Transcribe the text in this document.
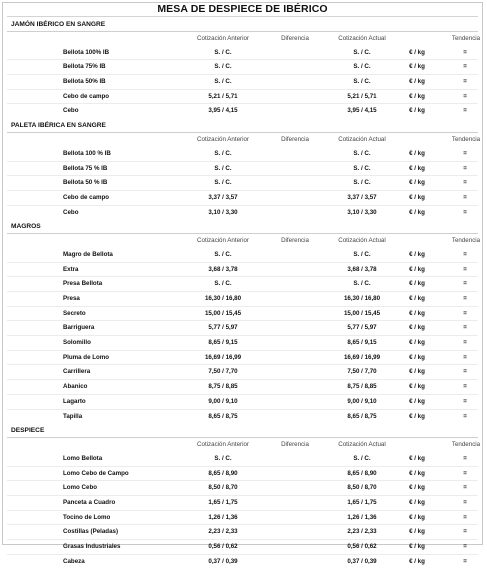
MESA DE DESPIECE DE IBÉRICO
JAMÓN IBÉRICO EN SANGRE
Cotización Anterior	Diferencia	Cotización Actual	Tendencia
Bellota 100% IB	S. / C.	S. / C.	€ / kg	=
Bellota 75% IB	S. / C.	S. / C.	€ / kg	=
Bellota 50% IB	S. / C.	S. / C.	€ / kg	=
Cebo de campo	5,21 / 5,71	5,21 / 5,71	€ / kg	=
Cebo	3,95 / 4,15	3,95 / 4,15	€ / kg	=
PALETA IBÉRICA EN SANGRE
Cotización Anterior	Diferencia	Cotización Actual	Tendencia
Bellota 100 % IB	S. / C.	S. / C.	€ / kg	=
Bellota 75 % IB	S. / C.	S. / C.	€ / kg	=
Bellota 50 % IB	S. / C.	S. / C.	€ / kg	=
Cebo de campo	3,37 / 3,57	3,37 / 3,57	€ / kg	=
Cebo	3,10 / 3,30	3,10 / 3,30	€ / kg	=
MAGROS
Cotización Anterior	Diferencia	Cotización Actual	Tendencia
Magro de Bellota	S. / C.	S. / C.	€ / kg	=
Extra	3,68 / 3,78	3,68 / 3,78	€ / kg	=
Presa Bellota	S. / C.	S. / C.	€ / kg	=
Presa	16,30 / 16,80	16,30 / 16,80	€ / kg	=
Secreto	15,00 / 15,45	15,00 / 15,45	€ / kg	=
Barriguera	5,77 / 5,97	5,77 / 5,97	€ / kg	=
Solomillo	8,65 / 9,15	8,65 / 9,15	€ / kg	=
Pluma de Lomo	16,69 / 16,99	16,69 / 16,99	€ / kg	=
Carrillera	7,50 / 7,70	7,50 / 7,70	€ / kg	=
Abanico	8,75 / 8,85	8,75 / 8,85	€ / kg	=
Lagarto	9,00 / 9,10	9,00 / 9,10	€ / kg	=
Tapilla	8,65 / 8,75	8,65 / 8,75	€ / kg	=
DESPIECE
Cotización Anterior	Diferencia	Cotización Actual	Tendencia
Lomo Bellota	S. / C.	S. / C.	€ / kg	=
Lomo Cebo de Campo	8,65 / 8,90	8,65 / 8,90	€ / kg	=
Lomo Cebo	8,50 / 8,70	8,50 / 8,70	€ / kg	=
Panceta a Cuadro	1,65 / 1,75	1,65 / 1,75	€ / kg	=
Tocino de Lomo	1,26 / 1,36	1,26 / 1,36	€ / kg	=
Costillas (Peladas)	2,23 / 2,33	2,23 / 2,33	€ / kg	=
Grasas Industriales	0,56 / 0,62	0,56 / 0,62	€ / kg	=
Cabeza	0,37 / 0,39	0,37 / 0,39	€ / kg	=
